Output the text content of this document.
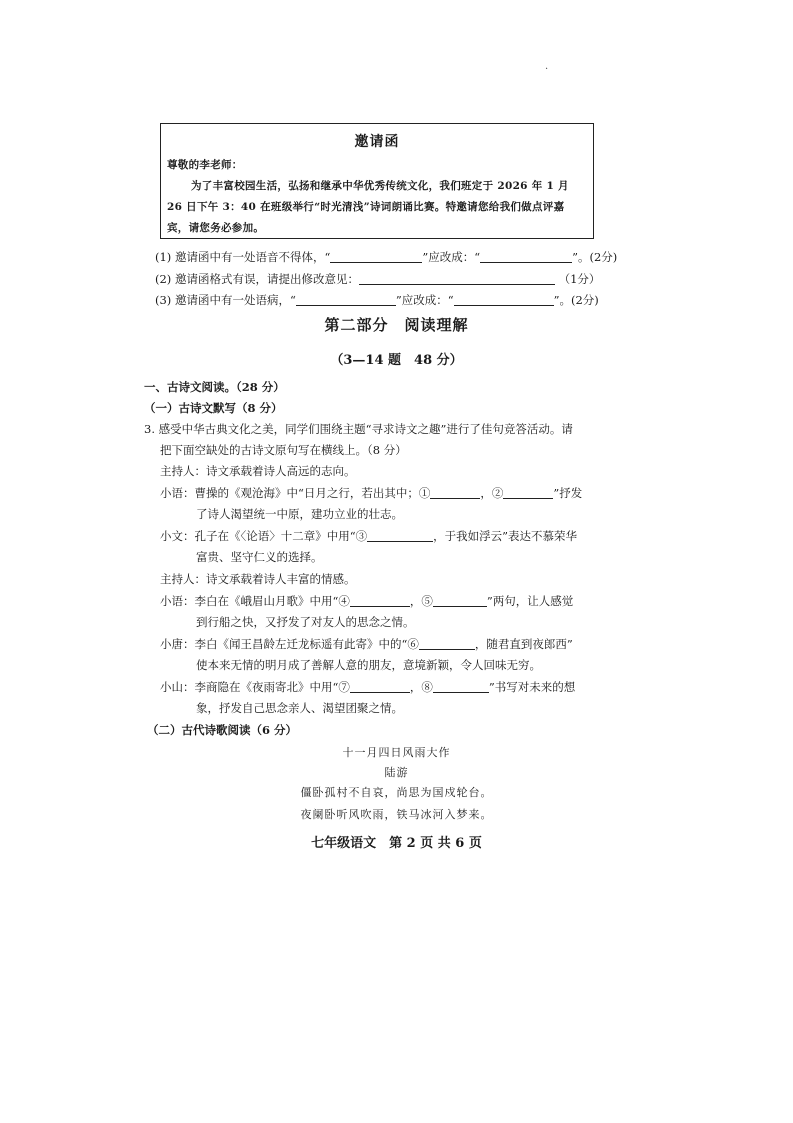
·
邀请函
尊敬的李老师：
为了丰富校园生活，弘扬和继承中华优秀传统文化，我们班定于 2026 年 1 月
26 日下午 3：40 在班级举行“时光清浅”诗词朗诵比赛。特邀请您给我们做点评嘉
宾，请您务必参加。
(1) 邀请函中有一处语音不得体，“	”应改成：“	”。(2分)
(2) 邀请函格式有误，请提出修改意见：	（1分）
(3) 邀请函中有一处语病，“	”应改成：“	”。(2分)
第二部分　阅读理解
（3—14 题　48 分）
一、古诗文阅读。（28 分）
（一）古诗文默写（8 分）
3. 感受中华古典文化之美，同学们围绕主题“寻求诗文之趣”进行了佳句竞答活动。请
把下面空缺处的古诗文原句写在横线上。（8 分）
主持人：诗文承载着诗人高远的志向。
小语：曹操的《观沧海》中“日月之行，若出其中；①	，②	”抒发
了诗人渴望统一中原，建功立业的壮志。
小文：孔子在《〈论语〉十二章》中用“③	，于我如浮云”表达不慕荣华
富贵、坚守仁义的选择。
主持人：诗文承载着诗人丰富的情感。
小语：李白在《峨眉山月歌》中用“④	，⑤	”两句，让人感觉
到行船之快，又抒发了对友人的思念之情。
小唐：李白《闻王昌龄左迁龙标遥有此寄》中的“⑥	，随君直到夜郎西”
使本来无情的明月成了善解人意的朋友，意境新颖，令人回味无穷。
小山：李商隐在《夜雨寄北》中用“⑦	，⑧	”书写对未来的想
象，抒发自己思念亲人、渴望团聚之情。
（二）古代诗歌阅读（6 分）
十一月四日风雨大作
陆游
僵卧孤村不自哀，尚思为国戍轮台。
夜阑卧听风吹雨，铁马冰河入梦来。
七年级语文　第 2 页 共 6 页
